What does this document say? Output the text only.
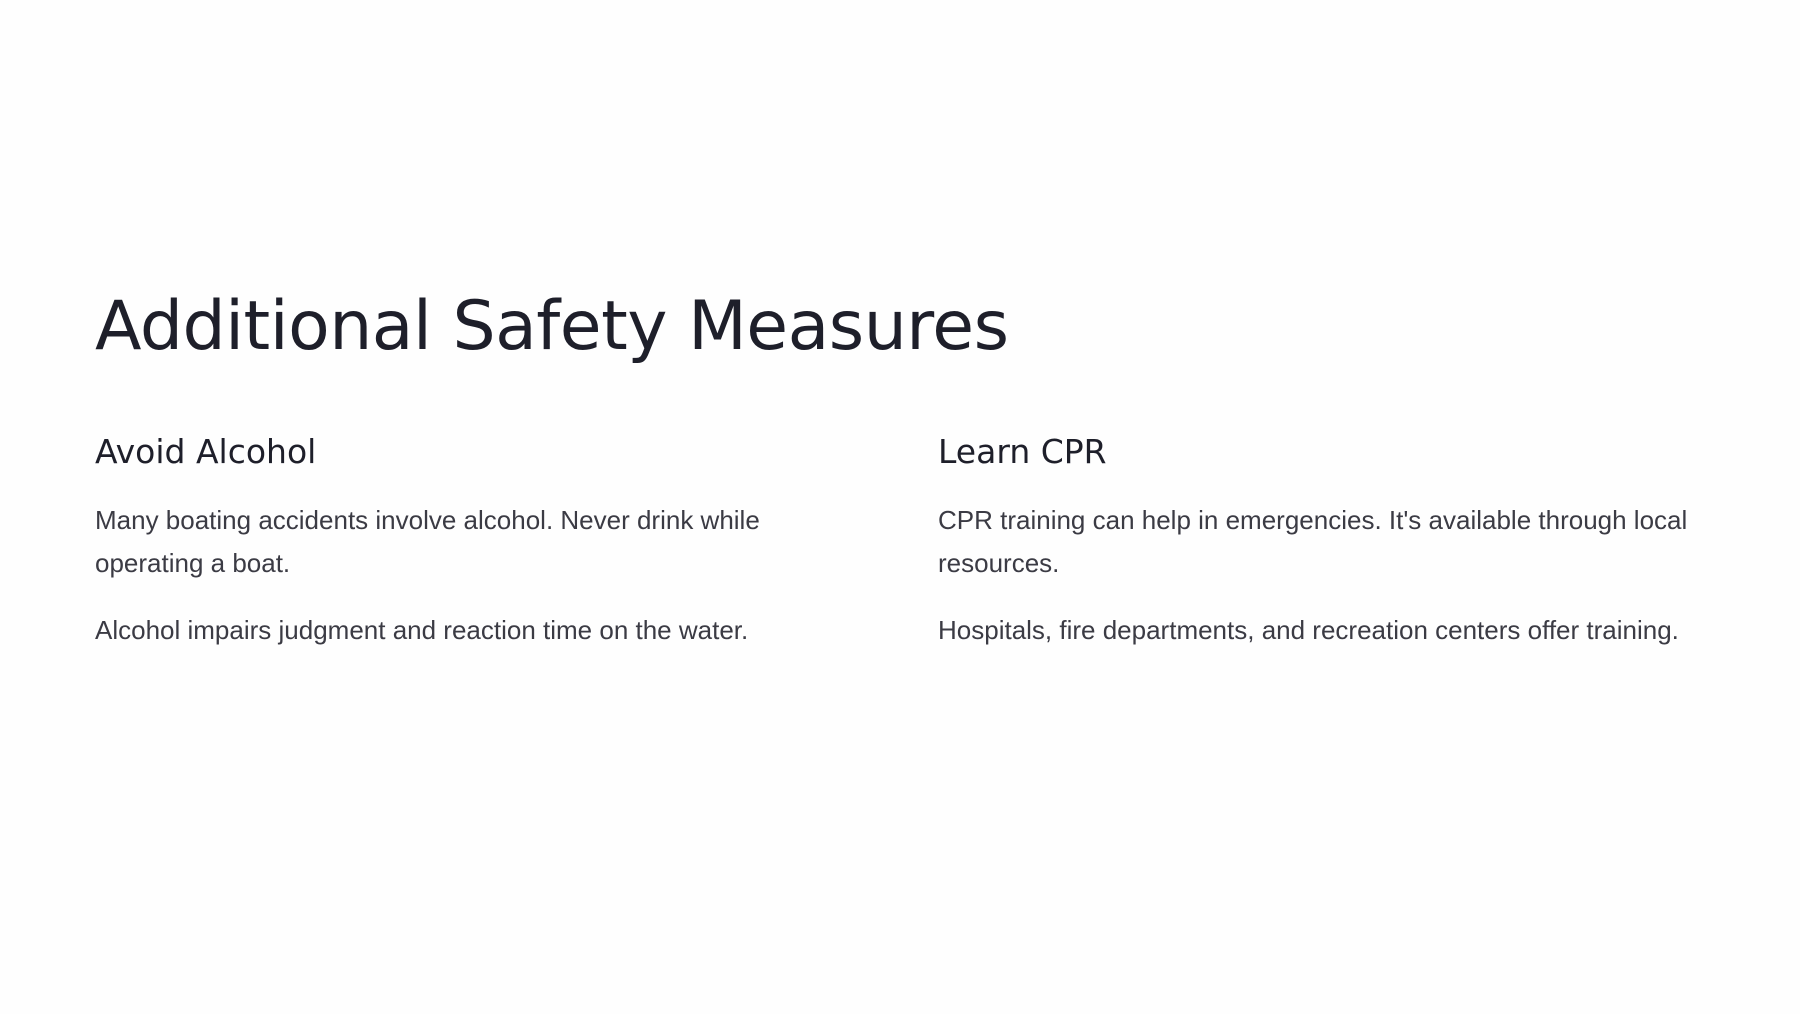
Additional Safety Measures
Avoid Alcohol

Many boating accidents involve alcohol. Never drink while operating a boat.

Alcohol impairs judgment and reaction time on the water.

Learn CPR

CPR training can help in emergencies. It's available through local resources.

Hospitals, fire departments, and recreation centers offer training.
